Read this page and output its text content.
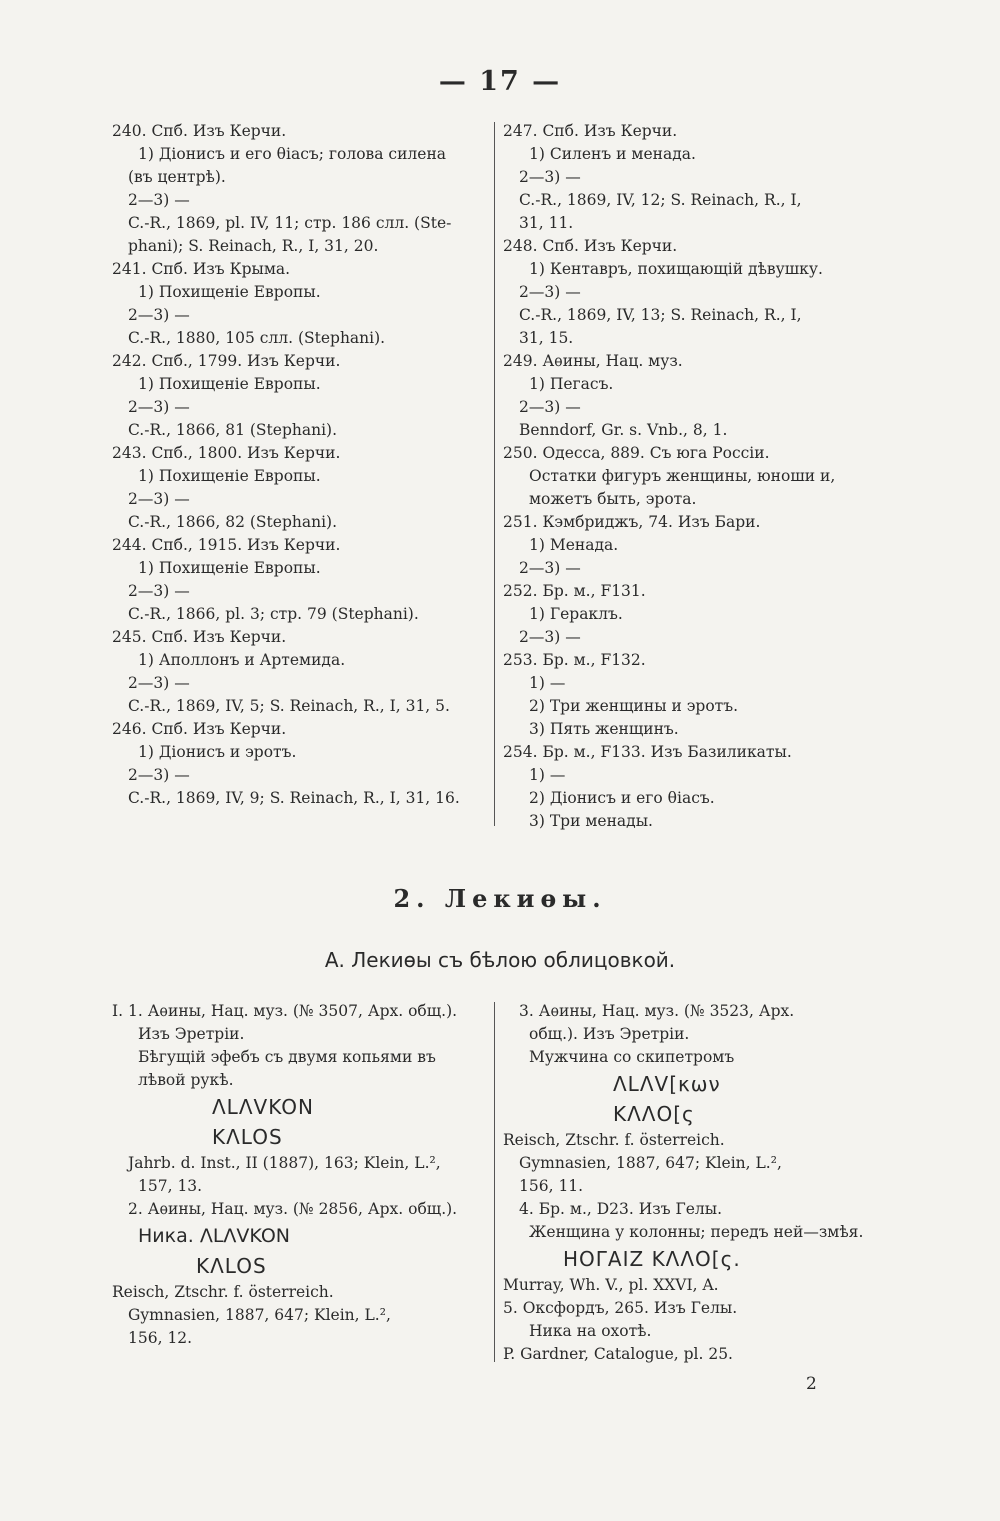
— 17 —
240. Спб. Изъ Керчи.
1) Діонисъ и его θіасъ; голова силена
(въ центрѣ).
2—3) —
C.-R., 1869, pl. IV, 11; стр. 186 слл. (Ste-
phani); S. Reinach, R., I, 31, 20.
241. Спб. Изъ Крыма.
1) Похищеніе Европы.
2—3) —
C.-R., 1880, 105 слл. (Stephani).
242. Спб., 1799. Изъ Керчи.
1) Похищеніе Европы.
2—3) —
C.-R., 1866, 81 (Stephani).
243. Спб., 1800. Изъ Керчи.
1) Похищеніе Европы.
2—3) —
C.-R., 1866, 82 (Stephani).
244. Спб., 1915. Изъ Керчи.
1) Похищеніе Европы.
2—3) —
C.-R., 1866, pl. 3; стр. 79 (Stephani).
245. Спб. Изъ Керчи.
1) Аполлонъ и Артемида.
2—3) —
C.-R., 1869, IV, 5; S. Reinach, R., I, 31, 5.
246. Спб. Изъ Керчи.
1) Діонисъ и эротъ.
2—3) —
C.-R., 1869, IV, 9; S. Reinach, R., I, 31, 16.
247. Спб. Изъ Керчи.
1) Силенъ и менада.
2—3) —
C.-R., 1869, IV, 12; S. Reinach, R., I,
31, 11.
248. Спб. Изъ Керчи.
1) Кентавръ, похищающій дѣвушку.
2—3) —
C.-R., 1869, IV, 13; S. Reinach, R., I,
31, 15.
249. Аѳины, Нац. муз.
1) Пегасъ.
2—3) —
Benndorf, Gr. s. Vnb., 8, 1.
250. Одесса, 889. Съ юга Россіи.
Остатки фигуръ женщины, юноши и,
можетъ быть, эрота.
251. Кэмбриджъ, 74. Изъ Бари.
1) Менада.
2—3) —
252. Бр. м., F131.
1) Гераклъ.
2—3) —
253. Бр. м., F132.
1) —
2) Три женщины и эротъ.
3) Пять женщинъ.
254. Бр. м., F133. Изъ Базиликаты.
1) —
2) Діонисъ и его θіасъ.
3) Три менады.
2. Лекиѳы.
А. Лекиѳы съ бѣлою облицовкой.
I. 1. Аѳины, Нац. муз. (№ 3507, Арх. общ.).
Изъ Эретріи.
Бѣгущій эфебъ съ двумя копьями въ
лѣвой рукѣ.
ΛLΛVKON
KΛLOS
Jahrb. d. Inst., II (1887), 163; Klein, L.²,
157, 13.
2. Аѳины, Нац. муз. (№ 2856, Арх. общ.).
Ника. ΛLΛVKON
KΛLOS
Reisch, Ztschr. f. österreich.
Gymnasien, 1887, 647; Klein, L.²,
156, 12.
3. Аѳины, Нац. муз. (№ 3523, Арх.
общ.). Изъ Эретріи.
Мужчина со скипетромъ
ΛLΛV[κων
KΛΛO[ς
Reisch, Ztschr. f. österreich.
Gymnasien, 1887, 647; Klein, L.²,
156, 11.
4. Бр. м., D23. Изъ Гелы.
Женщина у колонны; передъ ней—змѣя.
HOΓAIZ KΛΛO[ς.
Murray, Wh. V., pl. XXVI, A.
5. Оксфордъ, 265. Изъ Гелы.
Ника на охотѣ.
P. Gardner, Catalogue, pl. 25.
2
